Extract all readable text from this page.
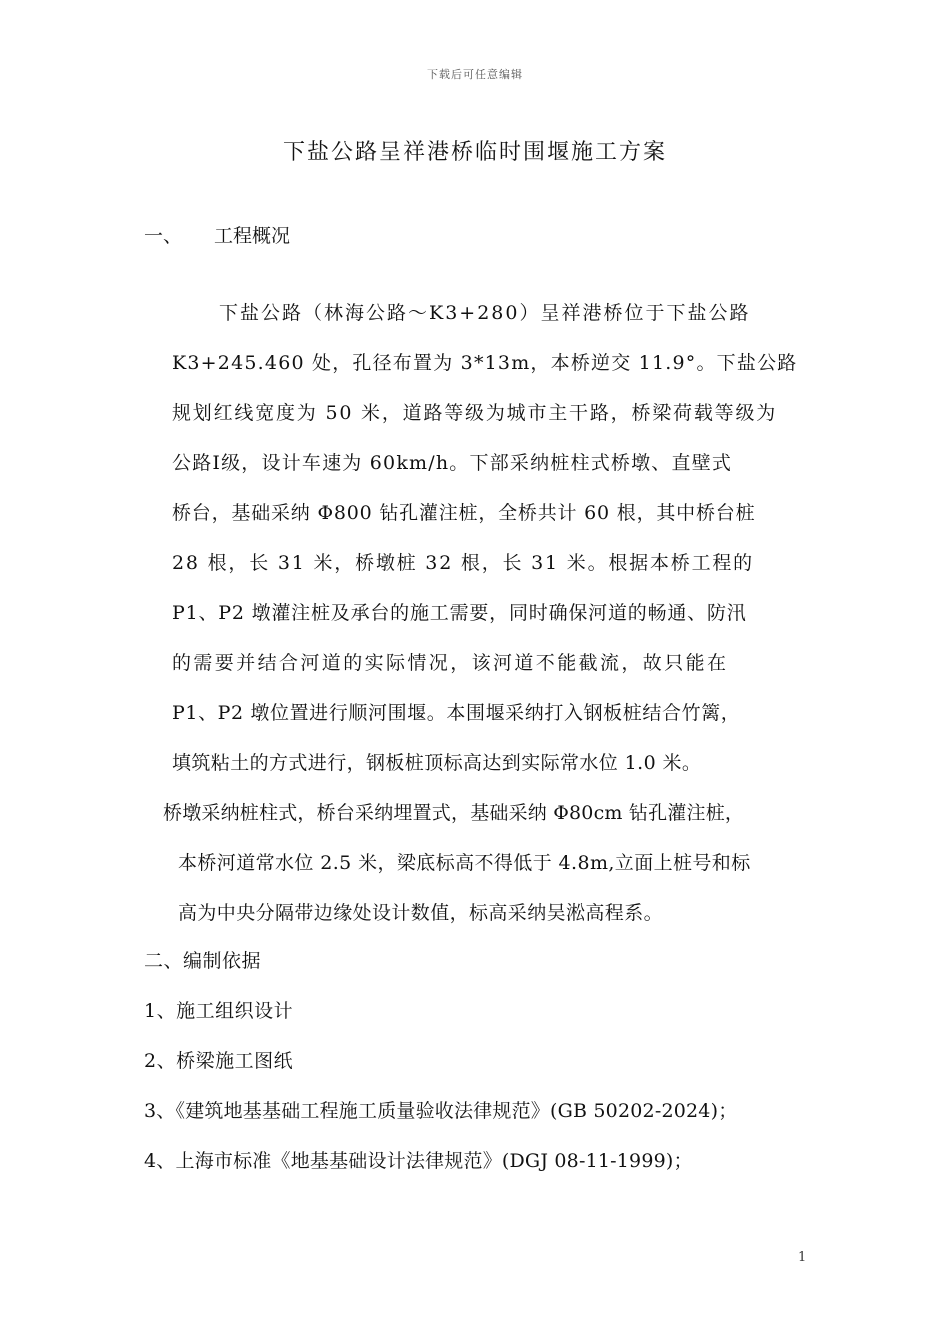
下载后可任意编辑
下盐公路呈祥港桥临时围堰施工方案
一、 工程概况
下盐公路（林海公路～K3+280）呈祥港桥位于下盐公路
K3+245.460 处，孔径布置为 3*13m，本桥逆交 11.9°。下盐公路
规划红线宽度为 50 米，道路等级为城市主干路，桥梁荷载等级为
公路Ⅰ级，设计车速为 60km/h。下部采纳桩柱式桥墩、直壁式
桥台，基础采纳 Φ800 钻孔灌注桩，全桥共计 60 根，其中桥台桩
28 根，长 31 米，桥墩桩 32 根，长 31 米。根据本桥工程的
P1、P2 墩灌注桩及承台的施工需要，同时确保河道的畅通、防汛
的需要并结合河道的实际情况，该河道不能截流，故只能在
P1、P2 墩位置进行顺河围堰。本围堰采纳打入钢板桩结合竹篱，
填筑粘土的方式进行，钢板桩顶标高达到实际常水位 1.0 米。
桥墩采纳桩柱式，桥台采纳埋置式，基础采纳 Φ80cm 钻孔灌注桩，
本桥河道常水位 2.5 米，梁底标高不得低于 4.8m,立面上桩号和标
高为中央分隔带边缘处设计数值，标高采纳吴淞高程系。
二、编制依据
1、施工组织设计
2、桥梁施工图纸
3、《建筑地基基础工程施工质量验收法律规范》(GB 50202-2024)；
4、上海市标准《地基基础设计法律规范》(DGJ 08-11-1999)；
1
